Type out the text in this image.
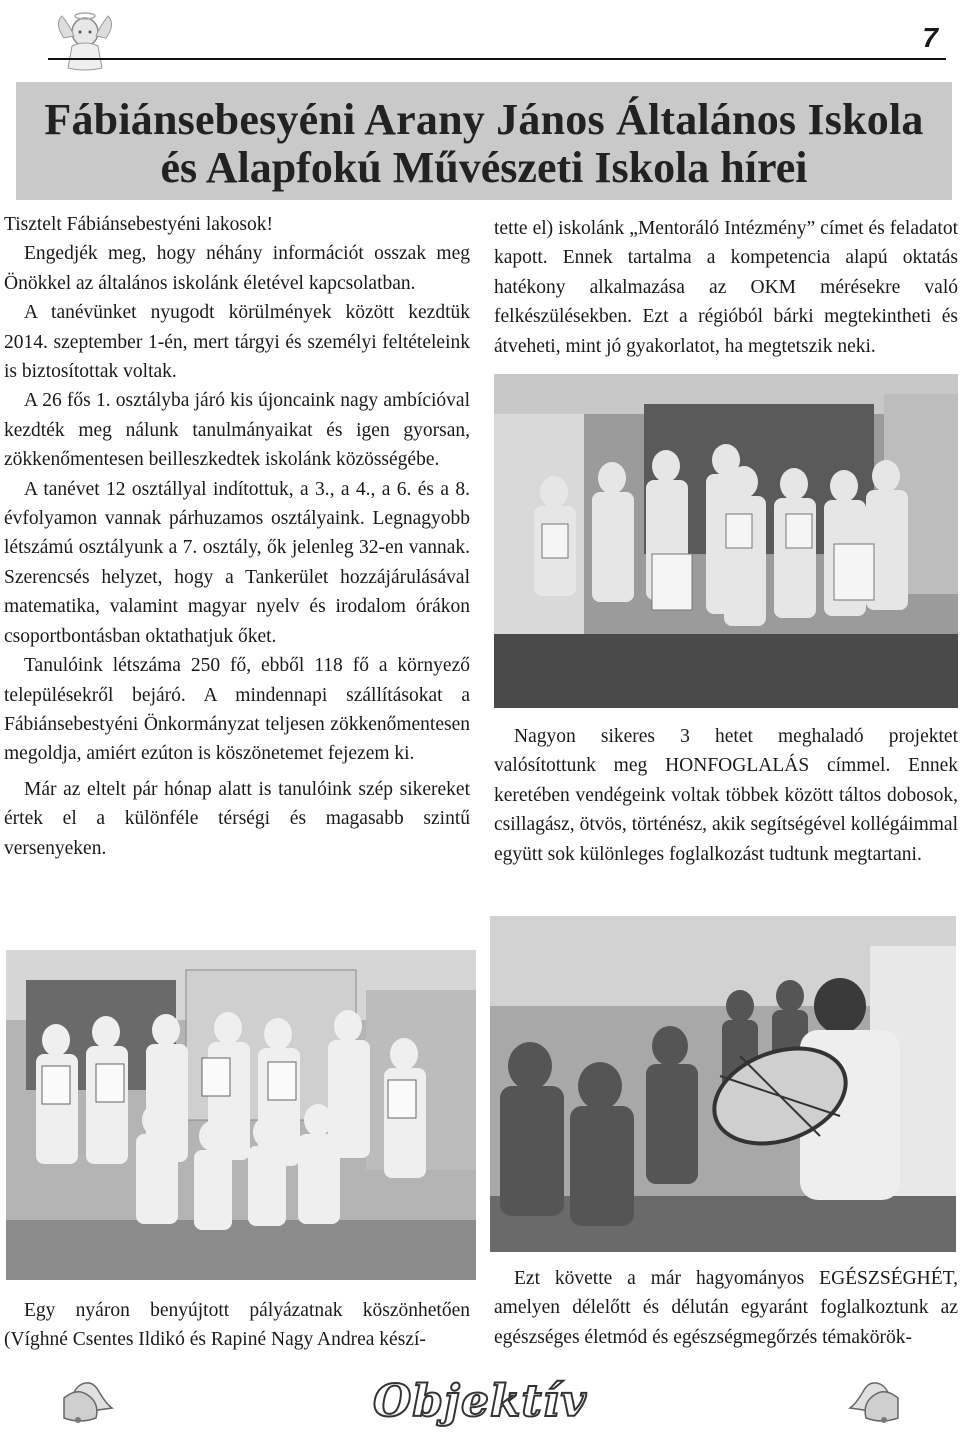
7
Fábiánsebesyéni Arany János Általános Iskola
és Alapfokú Művészeti Iskola hírei

Tisztelt Fábiánsebestyéni lakosok!

Engedjék meg, hogy néhány információt osszak meg Önökkel az általános iskolánk életével kapcsolatban.

A tanévünket nyugodt körülmények között kezdtük 2014. szeptember 1-én, mert tárgyi és személyi feltételeink is biztosítottak voltak.

A 26 fős 1. osztályba járó kis újoncaink nagy ambícióval kezdték meg nálunk tanulmányaikat és igen gyorsan, zökkenőmentesen beilleszkedtek iskolánk közösségébe.

A tanévet 12 osztállyal indítottuk, a 3., a 4., a 6. és a 8. évfolyamon vannak párhuzamos osztályaink. Legnagyobb létszámú osztályunk a 7. osztály, ők jelenleg 32-en vannak. Szerencsés helyzet, hogy a Tankerület hozzájárulásával matematika, valamint magyar nyelv és irodalom órákon csoportbontásban oktathatjuk őket.

Tanulóink létszáma 250 fő, ebből 118 fő a környező településekről bejáró. A mindennapi szállításokat a Fábiánsebestyéni Önkormányzat teljesen zökkenőmentesen megoldja, amiért ezúton is köszönetemet fejezem ki.

Már az eltelt pár hónap alatt is tanulóink szép sikereket értek el a különféle térségi és magasabb szintű versenyeken.

tette el) iskolánk „Mentoráló Intézmény” címet és feladatot kapott. Ennek tartalma a kompetencia alapú oktatás hatékony alkalmazása az OKM mérésekre való felkészülésekben. Ezt a régióból bárki megtekintheti és átveheti, mint jó gyakorlatot, ha megtetszik neki.

Nagyon sikeres 3 hetet meghaladó projektet valósítottunk meg HONFOGLALÁS címmel. Ennek keretében vendégeink voltak többek között táltos dobosok, csillagász, ötvös, történész, akik segítségével kollégáimmal együtt sok különleges foglalkozást tudtunk megtartani.

Egy nyáron benyújtott pályázatnak köszönhetően (Víghné Csentes Ildikó és Rapiné Nagy Andrea készí-

Ezt követte a már hagyományos EGÉSZSÉGHÉT, amelyen délelőtt és délután egyaránt foglalkoztunk az egészséges életmód és egészségmegőrzés témakörök-

Objektív
